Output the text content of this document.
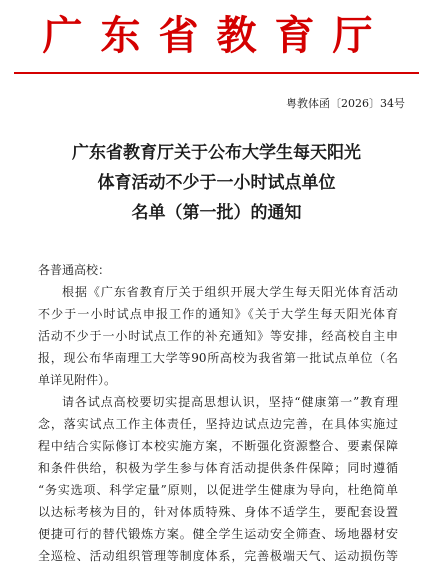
广东省教育厅
粤教体函〔2026〕34号
广东省教育厅关于公布大学生每天阳光
体育活动不少于一小时试点单位
名单（第一批）的通知
各普通高校：
根据《广东省教育厅关于组织开展大学生每天阳光体育活动
不少于一小时试点申报工作的通知》《关于大学生每天阳光体育
活动不少于一小时试点工作的补充通知》等安排，经高校自主申
报，现公布华南理工大学等90所高校为我省第一批试点单位（名
单详见附件）。
请各试点高校要切实提高思想认识，坚持“健康第一”教育理
念，落实试点工作主体责任，坚持边试点边完善，在具体实施过
程中结合实际修订本校实施方案，不断强化资源整合、要素保障
和条件供给，积极为学生参与体育活动提供条件保障；同时遵循
“务实选项、科学定量”原则，以促进学生健康为导向，杜绝简单
以达标考核为目的，针对体质特殊、身体不适学生，要配套设置
便捷可行的替代锻炼方案。健全学生运动安全筛查、场地器材安
全巡检、活动组织管理等制度体系，完善极端天气、运动损伤等
